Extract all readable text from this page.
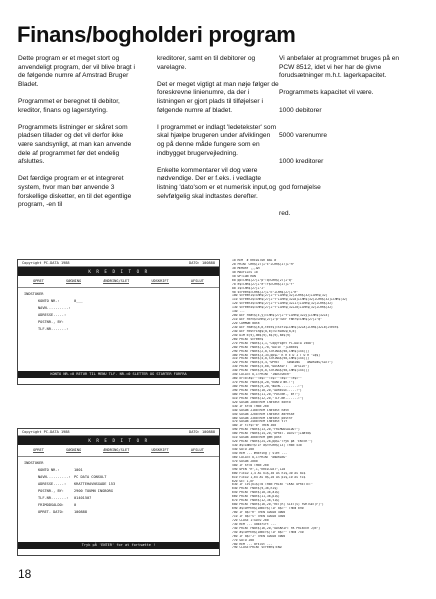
Finans/bogholderi program

Dette program er et meget stort og anvendeligt program, der vil blive bragt i de følgende numre af Amstrad Bruger Bladet.

Programmet er beregnet til debitor, kreditor, finans og lagerstyring.

Programmets listninger er skåret som pladsen tillader og det vil derfor ikke være sandsynligt, at man kan anvende dele af programmet før det endelig afsluttes.

Det færdige program er et integreret system, hvor man bør anvende 3 forskellige disketter, en til det egentlige program, -en til

kreditorer, samt en til debitorer og varelagre.

Det er meget vigtigt at man nøje følger de foreskrevne linienumre, da der i listningen er gjort plads til tilføjelser i følgende numre af bladet.

I programmet er indlagt 'ledetekster' som skal hjælpe brugeren under afviklingen og på denne måde fungere som en indbygget brugervejledning.

Enkelte kommentarer vil dog være nødvendige. Der er f.eks. i vedlagte listning 'dato'som er et numerisk input,og selvfølgelig skal indtastes derefter.

Vi anbefaler at programmet bruges på en PCW 8512, idet vi her har de givne forudsætninger m.h.t. lagerkapacitet.

Programmets kapacitet vil være.

1000 debitorer

5000 varenumre

1000 kreditorer

god fornøjelse

red.

Copyright PC-DATA 1988	DATO: 100888
K R E D I T O R
OPRET	SØGNING	ÆNDRING/SLET	UDSKRIFT	AFSLUT
INDSTOKER
KONTO NR.:	0___
NAVN..........:
ADRESSE.....:
POSTNR., BY:
TLF.NR.......:
KONTO NR.=0 RETUR TIL MENU TLF. NR.=0 SLETTER OG STARTER FORFRA
Copyright PC-DATA 1988	DATO: 100888
K R E D I T O R
OPRET	SØGNING	ÆNDRING/SLET	UDSKRIFT	AFSLUT
INDSTOKER
KONTO NR.:	1001
NAVN..........: PC DATA CONSULT
ADRESSE.....:	KRATTEHAVNSGADE 153
POSTNR., BY:	2900 TOUMN INGBORG
TLF.NR.......:	01401507
FRIMODSALDO:	0
OPRET. DATO:	100888
Tryk på 'ENTER' for at fortsætte !
10 REM  # KREDITOR BAS #
20 PRINT CHR$(27)+"E"+CHR$(27)+"H"
30 MEMORY ,,,&H
40 MAXFILES 10
50 OPTION RUN
60 pp=CHR$(27)+"p":q=CHR$(27)+"q"
70 e$=CHR$(27)+"e":f$=CHR$(27)+"f"
80 i$=CHR$(27)+"J"
90 screen$=CHR$(27)+"E"+CHR$(27)+"H"
100 screen1$=CHR$(27)+"Y"+CHR$(32)+CHR$(32)+CHR$(32)
110 screen2$=CHR$(27)+"Y"+CHR$(32+8)+CHR$(32)+CHR$(32)+CHR$(32)
120 screen3$=CHR$(27)+"Y"+CHR$(32+17)+CHR$(32)+CHR$(32)
130 screen4$=CHR$(27)+"Y"+CHR$(32+20)+CHR$(32)+CHR$(32)
140 ...
200 DEF FNat$(x,y)=CHR$(27)+"Y"+CHR$(32+y)+CHR$(32+x)
210 DEF FNrv$=CHR$(27)+"p":DEF FNnr$=CHR$(27)+"q"
220 COMMON data
230 DEF FNat$(a,b,text$)=scr1$+CHR$(32+a)+CHR$(32+b)+text$
240 DEF FNstring$(a,b)=STRING$(a,b)
250 DIM d(9),dd$(9),k$(9),kd$(9)
260 PRINT screen$
270 PRINT FNat$(1,1,"Copyright PC-DATA 1988")
280 PRINT FNat$(1,70,"DATO: ")+dato$
290 PRINT FNat$(2,0,STRING$(90,CHR$(154)))
300 PRINT FNat$(3,35,pp$+" K R E D I T O R "+q$)
310 PRINT FNat$(4,0,STRING$(90,CHR$(154)))
320 PRINT FNat$(5,4,"OPRET    SØGNING    ÆNDRING/SLET")
330 PRINT FNat$(5,60,"UDSKRIFT    AFSLUT")
340 PRINT FNat$(6,0,STRING$(90,CHR$(154)))
350 LOCATE 8,1:PRINT "INDSTOKER"
360 kr=0:a$="":b$="":c$="":d$="":e$=""
370 PRINT FNat$(8,20,"KONTO NR.:")
380 PRINT FNat$(9,20,"NAVN..........:")
390 PRINT FNat$(10,20,"ADRESSE.....:")
400 PRINT FNat$(11,20,"POSTNR., BY:")
410 PRINT FNat$(12,20,"TLF.NR.......:")
420 GOSUB 2000:REM indtast konto
430 IF kr=0 THEN 260
440 GOSUB 2100:REM indtast navn
450 GOSUB 2200:REM indtast adresse
460 GOSUB 2300:REM indtast postnr
470 GOSUB 2400:REM indtast tlf
480 IF tlf$="0" THEN 360
490 PRINT FNat$(13,20,"FRIMODSALDO:")
500 PRINT FNat$(14,20,"OPRET. DATO:")+dato$
510 GOSUB 3000:REM gem post
520 PRINT FNat$(24,28,pp$+"Tryk på 'ENTER'")
530 a$=INKEY$:IF a$<>CHR$(13) THEN 530
540 GOTO 260
550 REM --- ændring / slet ---
560 LOCATE 8,1:PRINT "ÆNDRING"
570 GOSUB 2000
580 IF kr=0 THEN 260
590 OPEN "R",1,"KRED.DAT",128
600 FIELD 1,4 AS k1$,30 AS n1$,30 AS a1$
610 FIELD 1,64 AS d$,20 AS p1$,10 AS t1$
620 GET 1,kr
630 IF CVS(k1$)=0 THEN PRINT "IKKE OPRETTET"
640 PRINT FNat$(9,36,n1$)
650 PRINT FNat$(10,36,a1$)
660 PRINT FNat$(11,36,p1$)
670 PRINT FNat$(12,36,t1$)
680 PRINT FNat$(16,20,"RET(R) SLET(S) FORTSÆT(F)")
690 a$=UPPER$(INKEY$):IF a$="" THEN 690
700 IF a$="R" THEN GOSUB 4000
710 IF a$="S" THEN GOSUB 4500
720 CLOSE 1:GOTO 260
730 REM --- udskrift ---
740 PRINT FNat$(16,20,"UDSKRIFT PÅ PRINTER J/N")
750 a$=UPPER$(INKEY$):IF a$="" THEN 750
760 IF a$="J" THEN GOSUB 5000
770 GOTO 260
780 REM --- afslut ---
790 CLOSE:PRINT screen$:END
18
